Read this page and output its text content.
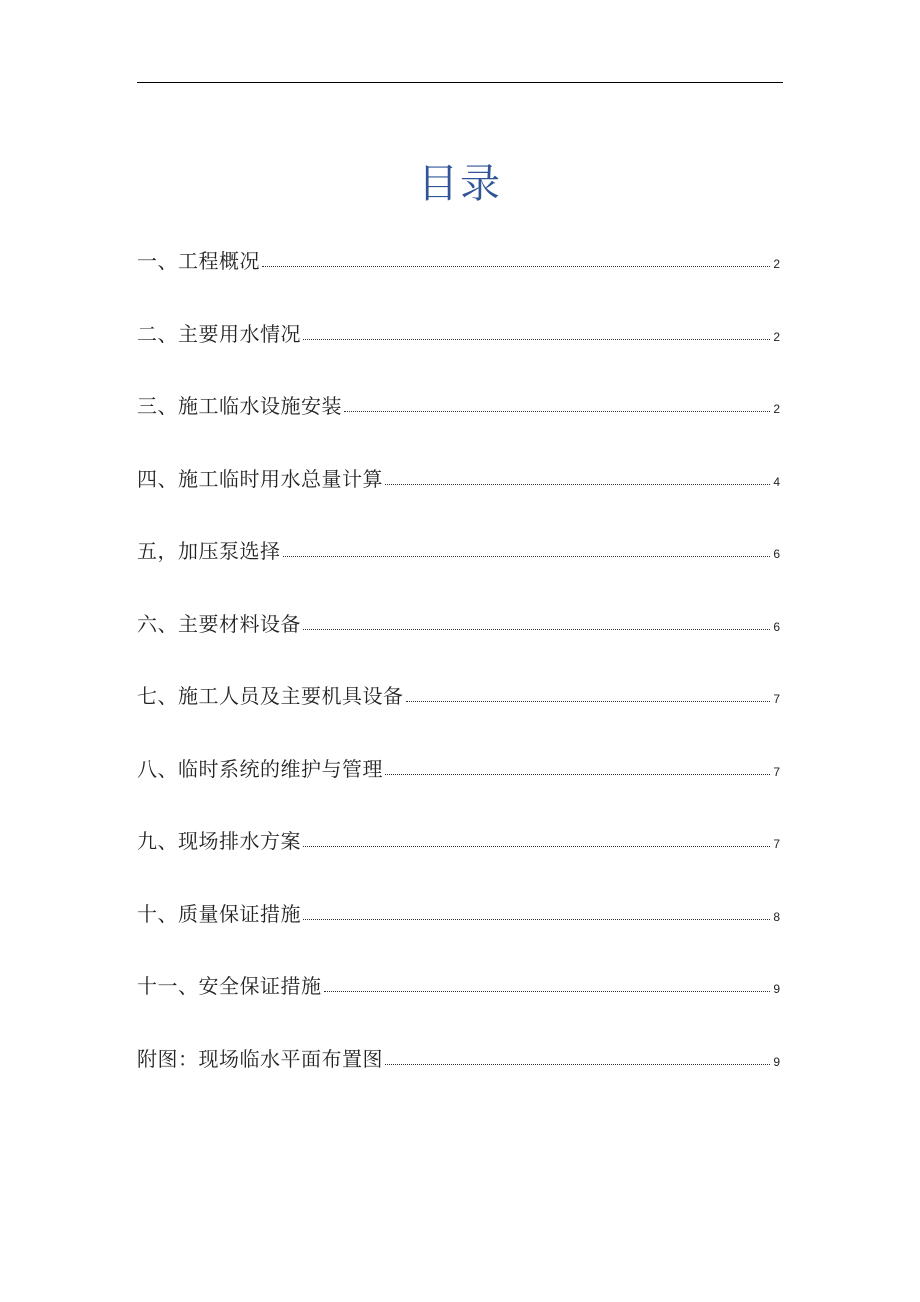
目录
一、工程概况	2
二、主要用水情况	2
三、施工临水设施安装	2
四、施工临时用水总量计算	4
五，加压泵选择	6
六、主要材料设备	6
七、施工人员及主要机具设备	7
八、临时系统的维护与管理	7
九、现场排水方案	7
十、质量保证措施	8
十一、安全保证措施	9
附图：现场临水平面布置图	9
